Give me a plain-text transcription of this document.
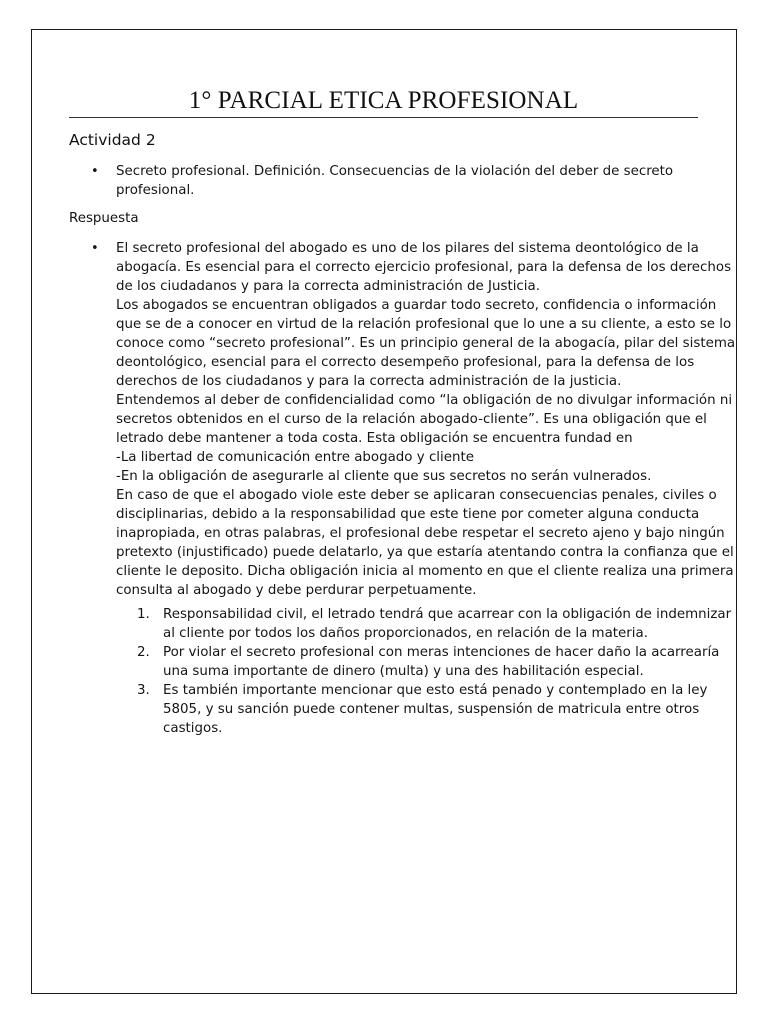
1° PARCIAL ETICA PROFESIONAL
Actividad 2
• Secreto profesional. Definición. Consecuencias de la violación del deber de secreto
profesional.
Respuesta
• El secreto profesional del abogado es uno de los pilares del sistema deontológico de la
abogacía. Es esencial para el correcto ejercicio profesional, para la defensa de los derechos
de los ciudadanos y para la correcta administración de Justicia.
Los abogados se encuentran obligados a guardar todo secreto, confidencia o información
que se de a conocer en virtud de la relación profesional que lo une a su cliente, a esto se lo
conoce como “secreto profesional”. Es un principio general de la abogacía, pilar del sistema
deontológico, esencial para el correcto desempeño profesional, para la defensa de los
derechos de los ciudadanos y para la correcta administración de la justicia.
Entendemos al deber de confidencialidad como “la obligación de no divulgar información ni
secretos obtenidos en el curso de la relación abogado-cliente”. Es una obligación que el
letrado debe mantener a toda costa. Esta obligación se encuentra fundad en
-La libertad de comunicación entre abogado y cliente
-En la obligación de asegurarle al cliente que sus secretos no serán vulnerados.
En caso de que el abogado viole este deber se aplicaran consecuencias penales, civiles o
disciplinarias, debido a la responsabilidad que este tiene por cometer alguna conducta
inapropiada, en otras palabras, el profesional debe respetar el secreto ajeno y bajo ningún
pretexto (injustificado) puede delatarlo, ya que estaría atentando contra la confianza que el
cliente le deposito. Dicha obligación inicia al momento en que el cliente realiza una primera
consulta al abogado y debe perdurar perpetuamente.
1. Responsabilidad civil, el letrado tendrá que acarrear con la obligación de indemnizar
al cliente por todos los daños proporcionados, en relación de la materia.
2. Por violar el secreto profesional con meras intenciones de hacer daño la acarrearía
una suma importante de dinero (multa) y una des habilitación especial.
3. Es también importante mencionar que esto está penado y contemplado en la ley
5805, y su sanción puede contener multas, suspensión de matricula entre otros
castigos.
